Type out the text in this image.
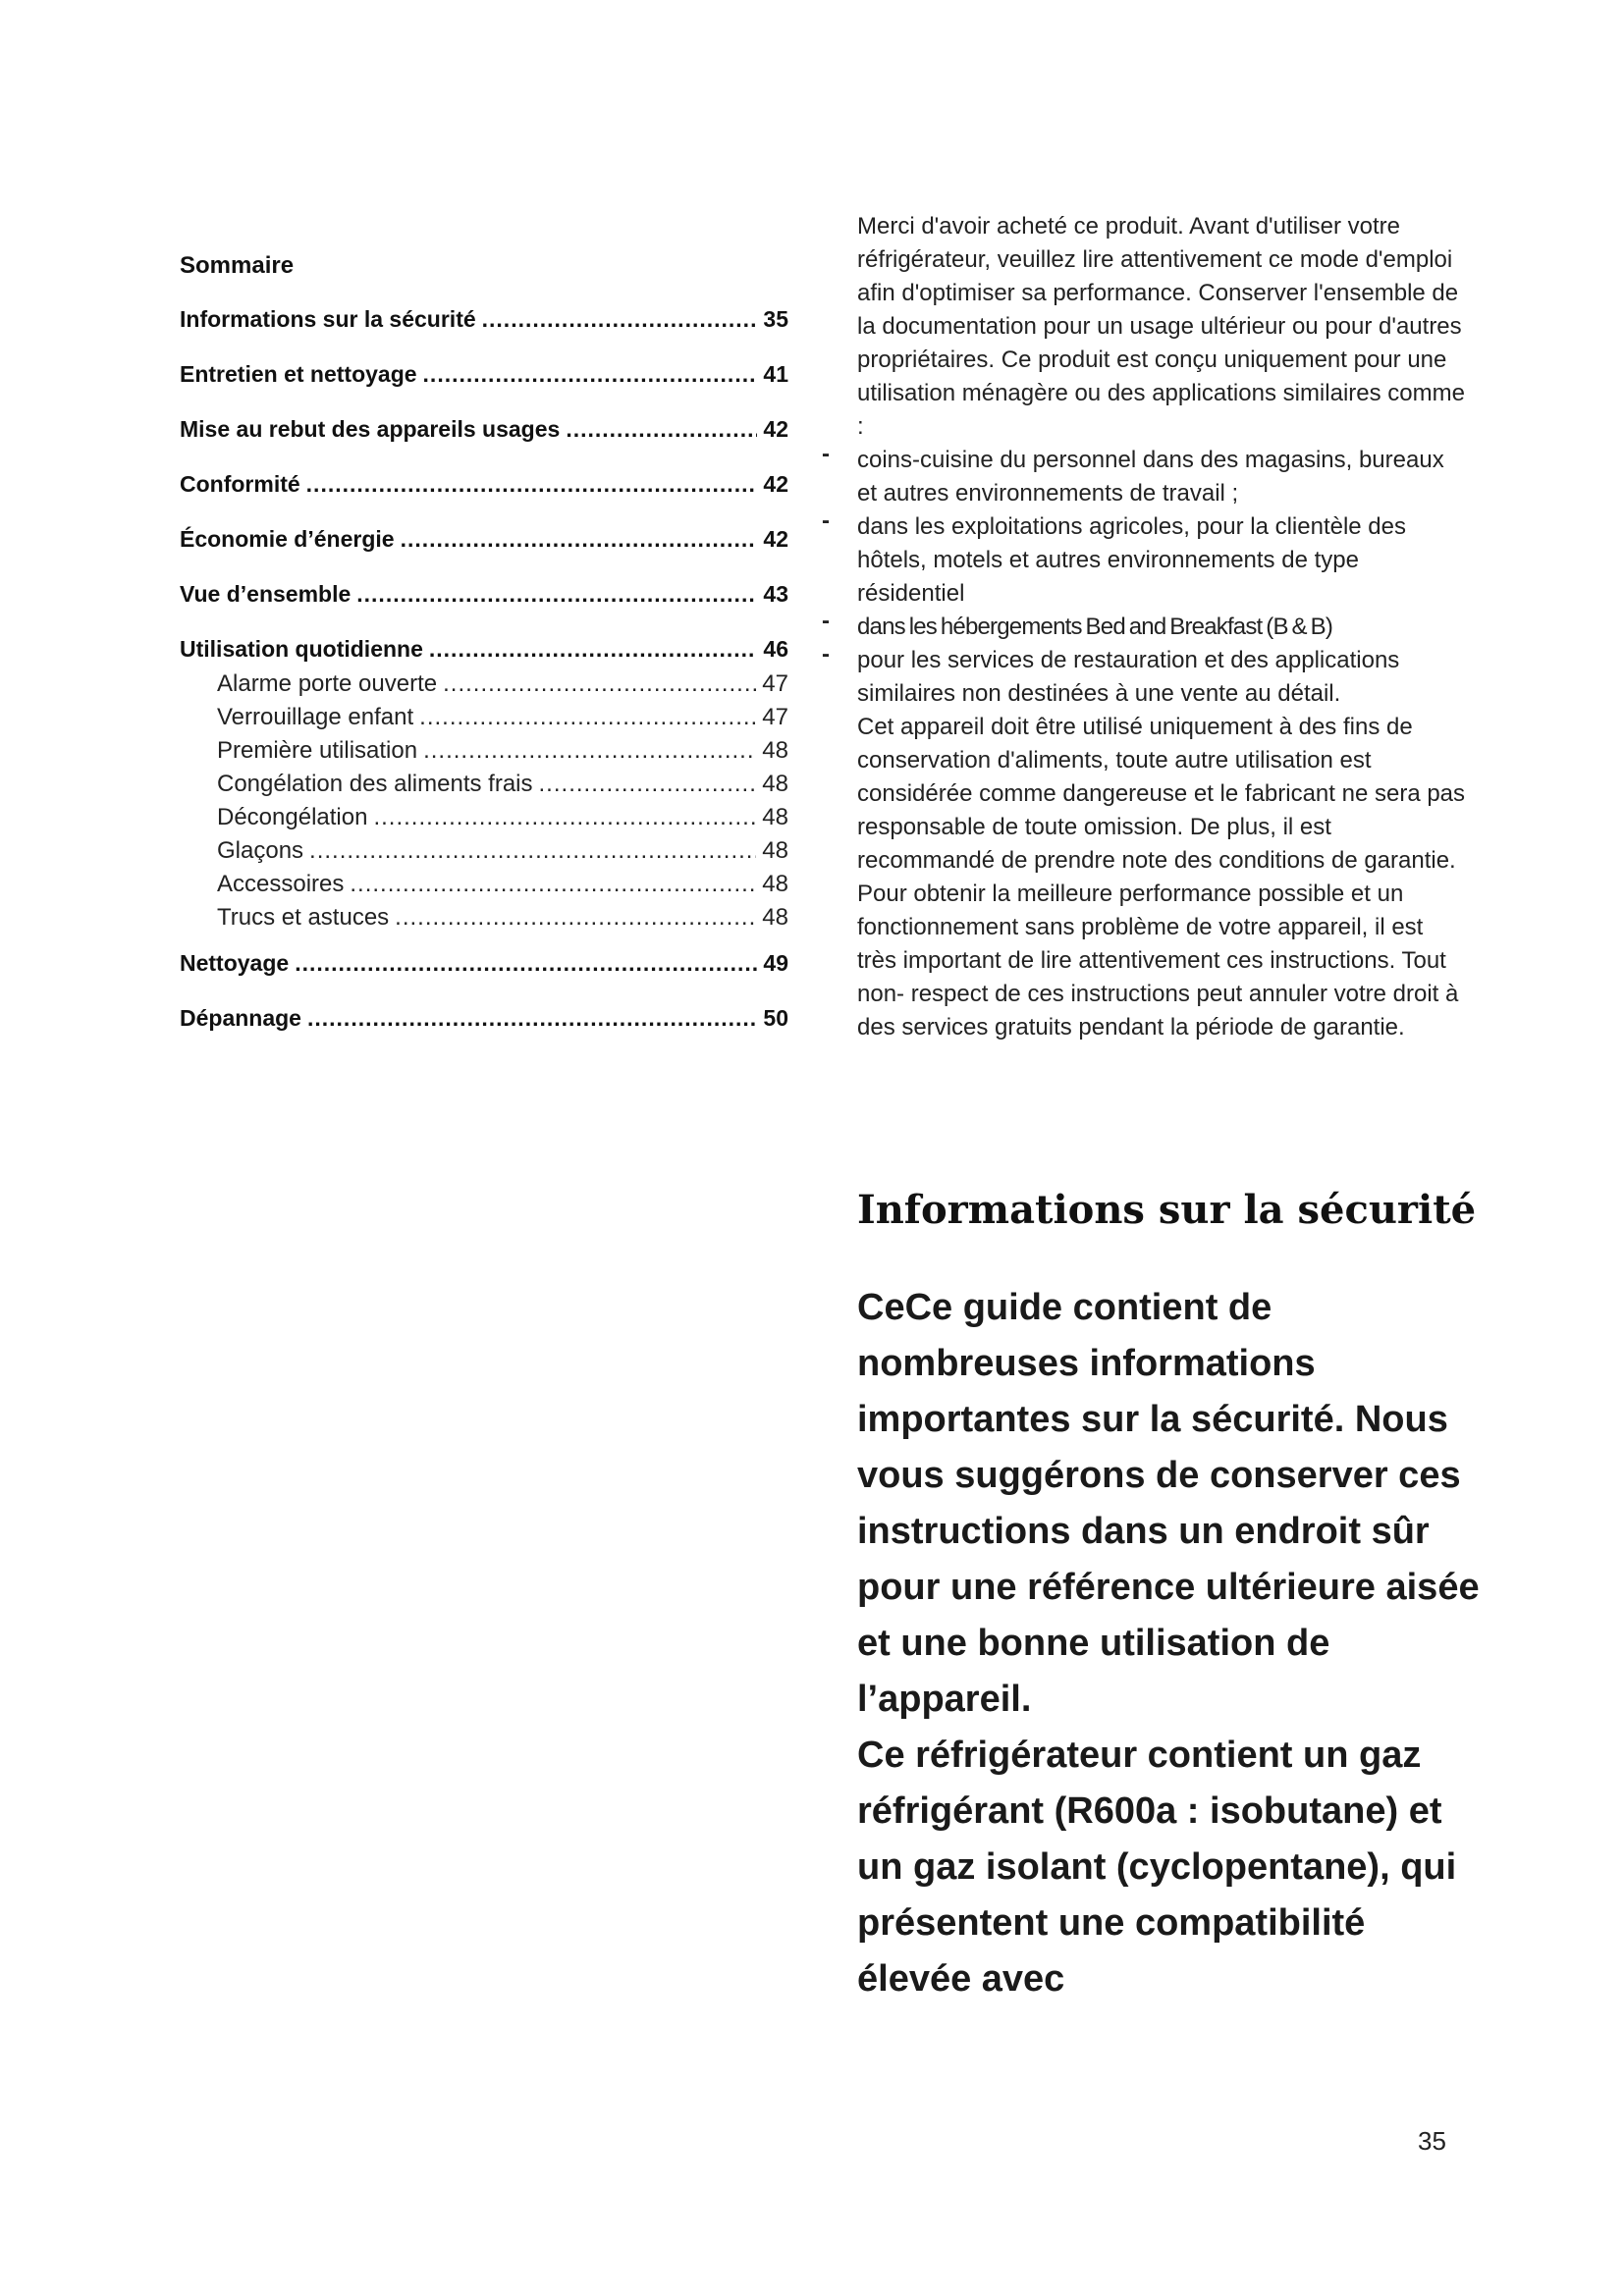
Sommaire
Informations sur la sécurité .....	35
Entretien et nettoyage .....	41
Mise au rebut des appareils usages .....	42
Conformité .....	42
Économie d’énergie .....	42
Vue d’ensemble .....	43
Utilisation quotidienne .....	46
Alarme porte ouverte .....	47
Verrouillage enfant .....	47
Première utilisation .....	48
Congélation des aliments frais .....	48
Décongélation .....	48
Glaçons .....	48
Accessoires .....	48
Trucs et astuces .....	48
Nettoyage .....	49
Dépannage .....	50

Merci d'avoir acheté ce produit. Avant d'utiliser votre réfrigérateur, veuillez lire attentivement ce mode d'emploi afin d'optimiser sa performance. Conserver l'ensemble de la documentation pour un usage ultérieur ou pour d'autres propriétaires. Ce produit est conçu uniquement pour une utilisation ménagère ou des applications similaires comme :

- coins-cuisine du personnel dans des magasins, bureaux et autres environnements de travail ;
- dans les exploitations agricoles, pour la clientèle des hôtels, motels et autres environnements de type résidentiel
- dans les hébergements Bed and Breakfast (B & B)
- pour les services de restauration et des applications similaires non destinées à une vente au détail.

Cet appareil doit être utilisé uniquement à des fins de conservation d'aliments, toute autre utilisation est considérée comme dangereuse et le fabricant ne sera pas responsable de toute omission. De plus, il est recommandé de prendre note des conditions de garantie. Pour obtenir la meilleure performance possible et un fonctionnement sans problème de votre appareil, il est très important de lire attentivement ces instructions. Tout non- respect de ces instructions peut annuler votre droit à des services gratuits pendant la période de garantie.

Informations sur la sécurité

CeCe guide contient de nombreuses informations importantes sur la sécurité. Nous vous suggérons de conserver ces instructions dans un endroit sûr pour une référence ultérieure aisée et une bonne utilisation de l’appareil.

Ce réfrigérateur contient un gaz réfrigérant (R600a : isobutane) et un gaz isolant (cyclopentane), qui présentent une compatibilité élevée avec

35
